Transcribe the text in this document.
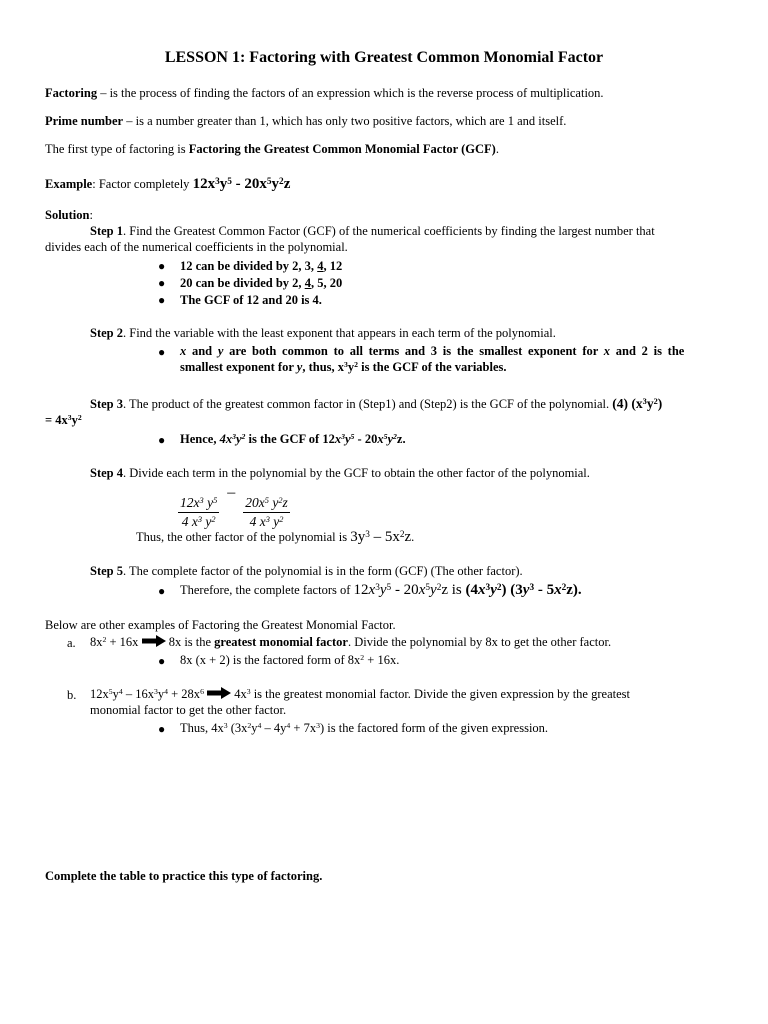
LESSON 1: Factoring with Greatest Common Monomial Factor
Factoring – is the process of finding the factors of an expression which is the reverse process of multiplication.
Prime number – is a number greater than 1, which has only two positive factors, which are 1 and itself.
The first type of factoring is Factoring the Greatest Common Monomial Factor (GCF).
Example: Factor completely $12x^3y^5 - 20x^5y^2z$
Solution:
Step 1. Find the Greatest Common Factor (GCF) of the numerical coefficients by finding the largest number that
divides each of the numerical coefficients in the polynomial.
● 12 can be divided by 2, 3, 4, 12
● 20 can be divided by 2, 4, 5, 20
● The GCF of 12 and 20 is 4.
Step 2. Find the variable with the least exponent that appears in each term of the polynomial.
● x and y are both common to all terms and 3 is the smallest exponent for x and 2 is the
smallest exponent for y, thus, $x^3y^2$ is the GCF of the variables.
Step 3. The product of the greatest common factor in (Step1) and (Step2) is the GCF of the polynomial. (4) $(x^3y^2)$
= $4x^3y^2$
● Hence, $4x^3y^2$ is the GCF of $12x^3y^5 - 20x^5y^2z$.
Step 4. Divide each term in the polynomial by the GCF to obtain the other factor of the polynomial.
$\frac{12x^3 y^5}{4 x^3 y^2}$
–
$\frac{20x^5 y^2z}{4 x^3 y^2}$
Thus, the other factor of the polynomial is $3y^3 - 5x^2z$.
Step 5. The complete factor of the polynomial is in the form (GCF) (The other factor).
● Therefore, the complete factors of $12x^3y^5 - 20x^5y^2z$ is $(4x^3y^2)$ $(3y^3 - 5x^2z)$.
Below are other examples of Factoring the Greatest Monomial Factor.
a. $8x^2 + 16x$  8x is the greatest monomial factor. Divide the polynomial by 8x to get the other factor.
● 8x (x + 2) is the factored form of $8x^2 + 16x$.
b. $12x^5y^4 - 16x^3y^4 + 28x^6$  $4x^3$ is the greatest monomial factor. Divide the given expression by the greatest
monomial factor to get the other factor.
● Thus, $4x^3$ $(3x^2y^4 - 4y^4 + 7x^3)$ is the factored form of the given expression.
Complete the table to practice this type of factoring.
